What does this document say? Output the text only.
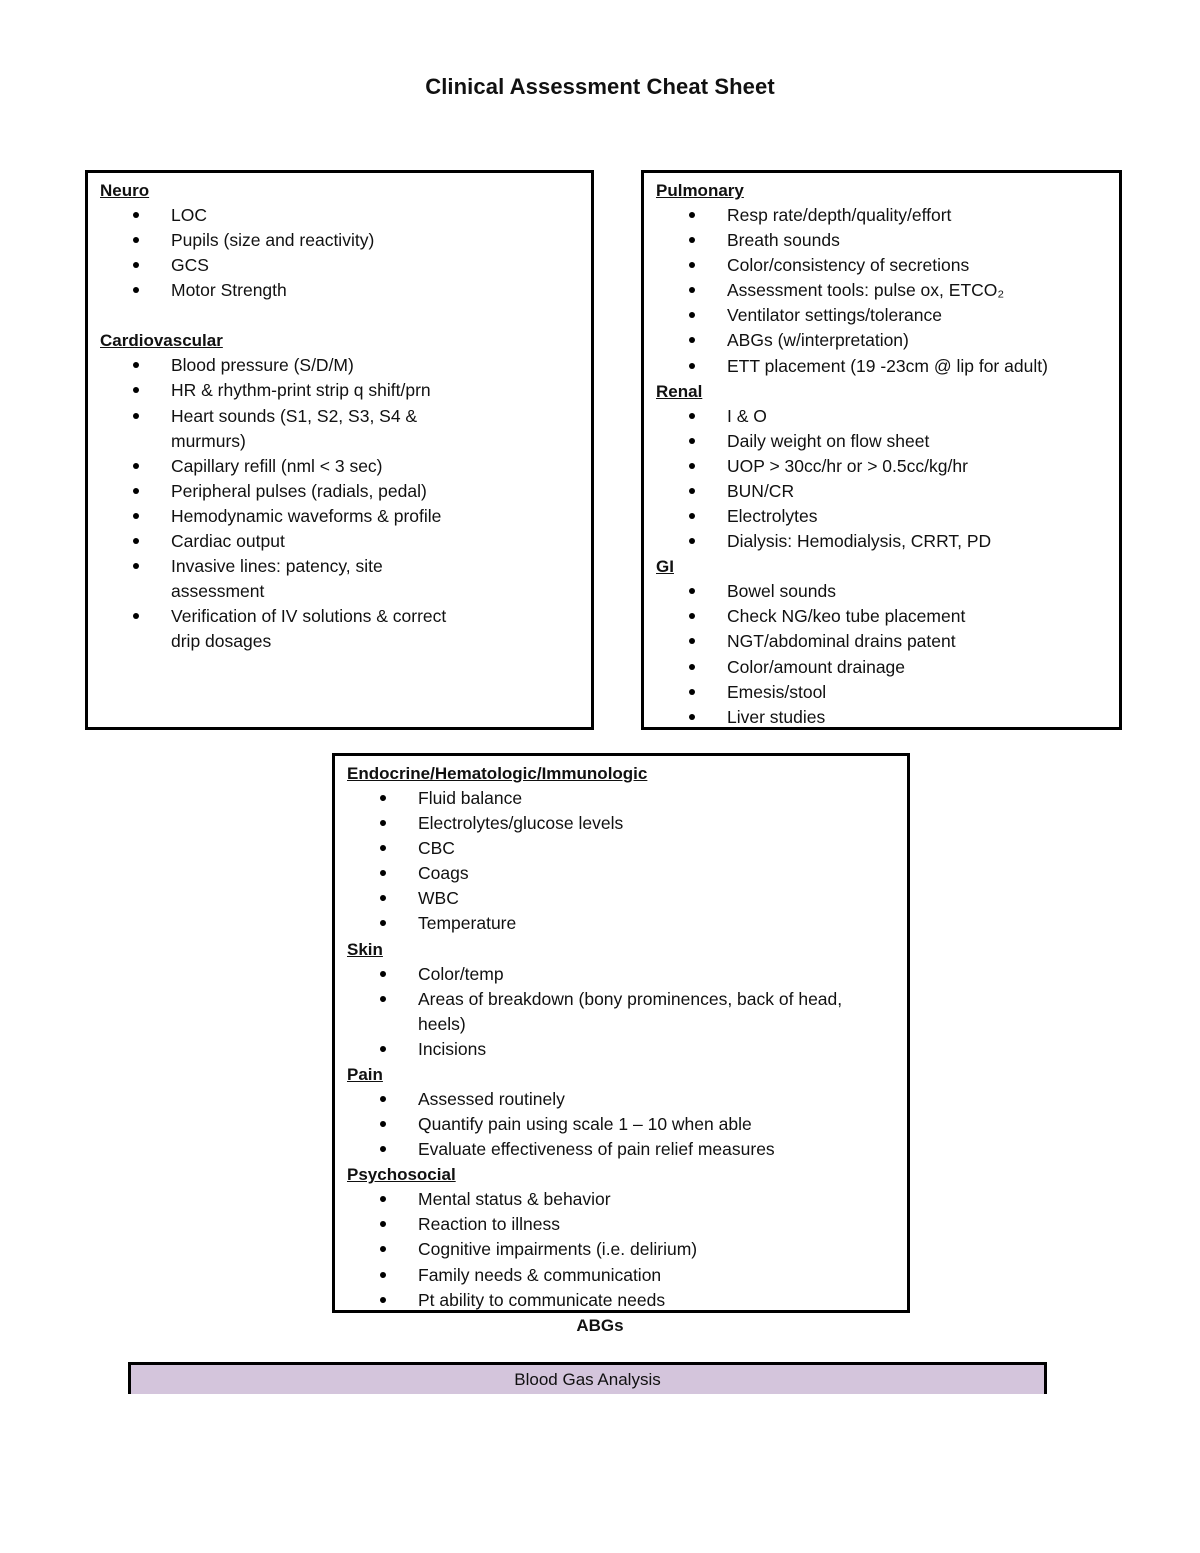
Clinical Assessment Cheat Sheet
Neuro
LOC
Pupils (size and reactivity)
GCS
Motor Strength
Cardiovascular
Blood pressure (S/D/M)
HR & rhythm-print strip q shift/prn
Heart sounds (S1, S2, S3, S4 & murmurs)
Capillary refill (nml < 3 sec)
Peripheral pulses (radials, pedal)
Hemodynamic waveforms & profile
Cardiac output
Invasive lines: patency, site assessment
Verification of IV solutions & correct drip dosages
Pulmonary
Resp rate/depth/quality/effort
Breath sounds
Color/consistency of secretions
Assessment tools: pulse ox, ETCO₂
Ventilator settings/tolerance
ABGs (w/interpretation)
ETT placement (19 -23cm @ lip for adult)
Renal
I & O
Daily weight on flow sheet
UOP > 30cc/hr or > 0.5cc/kg/hr
BUN/CR
Electrolytes
Dialysis: Hemodialysis, CRRT, PD
GI
Bowel sounds
Check NG/keo tube placement
NGT/abdominal drains patent
Color/amount drainage
Emesis/stool
Liver studies
Endocrine/Hematologic/Immunologic
Fluid balance
Electrolytes/glucose levels
CBC
Coags
WBC
Temperature
Skin
Color/temp
Areas of breakdown (bony prominences, back of head, heels)
Incisions
Pain
Assessed routinely
Quantify pain using scale 1 – 10 when able
Evaluate effectiveness of pain relief measures
Psychosocial
Mental status & behavior
Reaction to illness
Cognitive impairments (i.e. delirium)
Family needs & communication
Pt ability to communicate needs
ABGs
Blood Gas Analysis
